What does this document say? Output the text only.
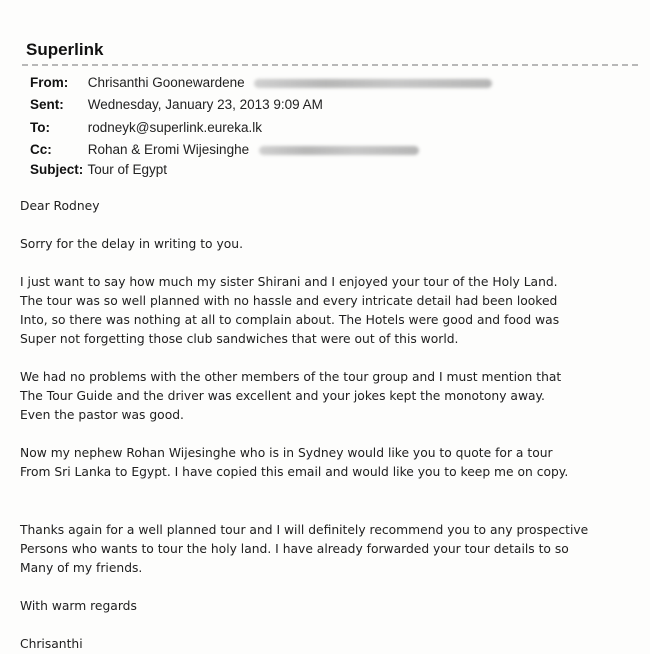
Superlink
From: Chrisanthi Goonewardene
Sent: Wednesday, January 23, 2013 9:09 AM
To:	rodneyk@superlink.eureka.lk
Cc:	Rohan & Eromi Wijesinghe
Subject: Tour of Egypt
Dear Rodney
Sorry for the delay in writing to you.
I just want to say how much my sister Shirani and I enjoyed your tour of the Holy Land.
The tour was so well planned with no hassle and every intricate detail had been looked
Into, so there was nothing at all to complain about. The Hotels were good and food was
Super not forgetting those club sandwiches that were out of this world.
We had no problems with the other members of the tour group and I must mention that
The Tour Guide and the driver was excellent and your jokes kept the monotony away.
Even the pastor was good.
Now my nephew Rohan Wijesinghe who is in Sydney would like you to quote for a tour
From Sri Lanka to Egypt. I have copied this email and would like you to keep me on copy.
Thanks again for a well planned tour and I will definitely recommend you to any prospective
Persons who wants to tour the holy land. I have already forwarded your tour details to so
Many of my friends.
With warm regards
Chrisanthi
